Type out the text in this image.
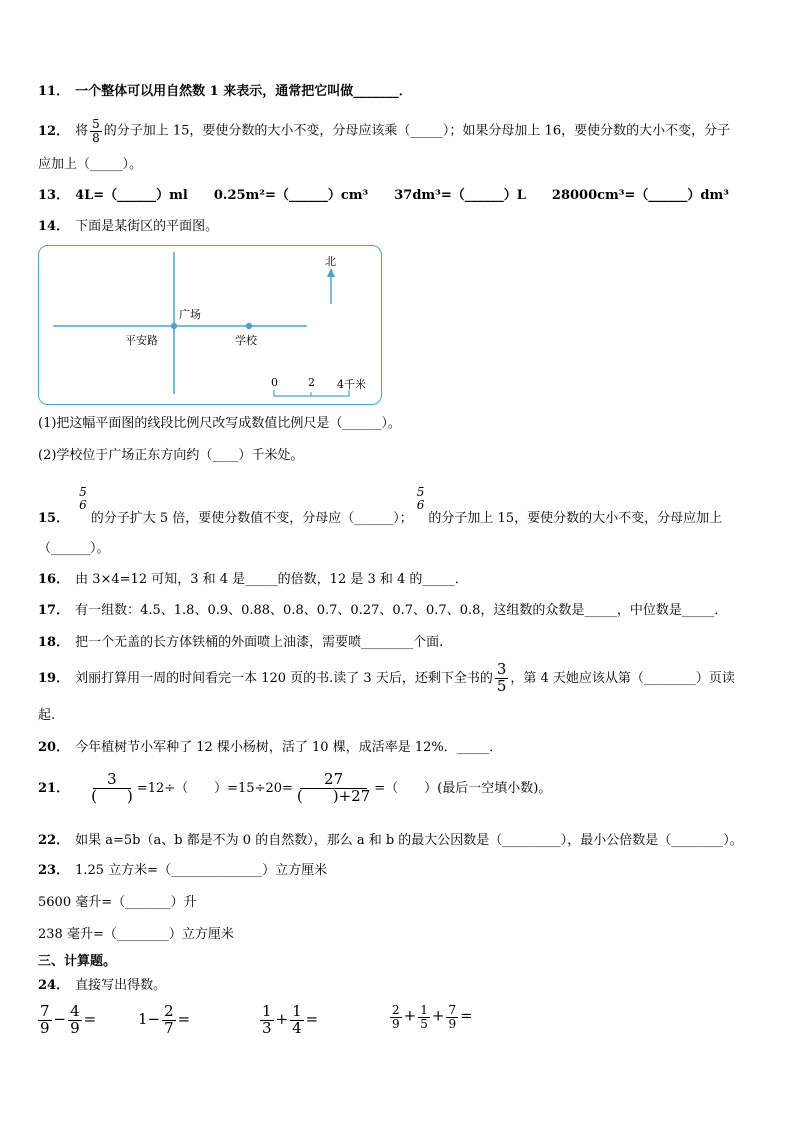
11． 一个整体可以用自然数 1 来表示，通常把它叫做_______．
12． 将 $\frac{5}{8}$ 的分子加上 15，要使分数的大小不变，分母应该乘（_____）；如果分母加上 16，要使分数的大小不变，分子
应加上（_____）。
13． 4L=（______）ml　　0.25m²=（______）cm³　　37dm³=（______）L　　28000cm³=（______）dm³
14． 下面是某街区的平面图。
北
广场
平安路	学校
0	2 4千米
(1)把这幅平面图的线段比例尺改写成数值比例尺是（______）。
(2)学校位于广场正东方向约（____）千米处。
15．
5
6
的分子扩大 5 倍，要使分数值不变，分母应（______）；
5
6
的分子加上 15，要使分数的大小不变，分母应加上
（______）。
16． 由 3×4=12 可知，3 和 4 是_____的倍数，12 是 3 和 4 的_____．
17． 有一组数：4.5、1.8、0.9、0.88、0.8、0.7、0.27、0.7、0.7、0.8，这组数的众数是_____，中位数是_____．
18． 把一个无盖的长方体铁桶的外面喷上油漆，需要喷________个面.
19． 刘丽打算用一周的时间看完一本 120 页的书.读了 3 天后，还剩下全书的 $\frac{3}{5}$ ，第 4 天她应该从第（________）页读
起.
20． 今年植树节小军种了 12 棵小杨树，活了 10 棵，成活率是 12%．_____．
21． $\frac{3}{( )} =12\div$（　　）$=15\div 20= \frac{27}{( )+27}$ =（　　）(最后一空填小数)。
22． 如果 a=5b（a、b 都是不为 0 的自然数），那么 a 和 b 的最大公因数是（_________），最小公倍数是（________）。
23． 1.25 立方米=（______________）立方厘米
5600 毫升=（_______）升
238 毫升=（________）立方厘米
三、计算题。
24． 直接写出得数。
$\frac{7}{9} - \frac{4}{9}$ =	$1- \frac{2}{7}$ =	$\frac{1}{3} + \frac{1}{4}$ =	$\frac{2}{9} + \frac{1}{5} + \frac{7}{9}$ =
